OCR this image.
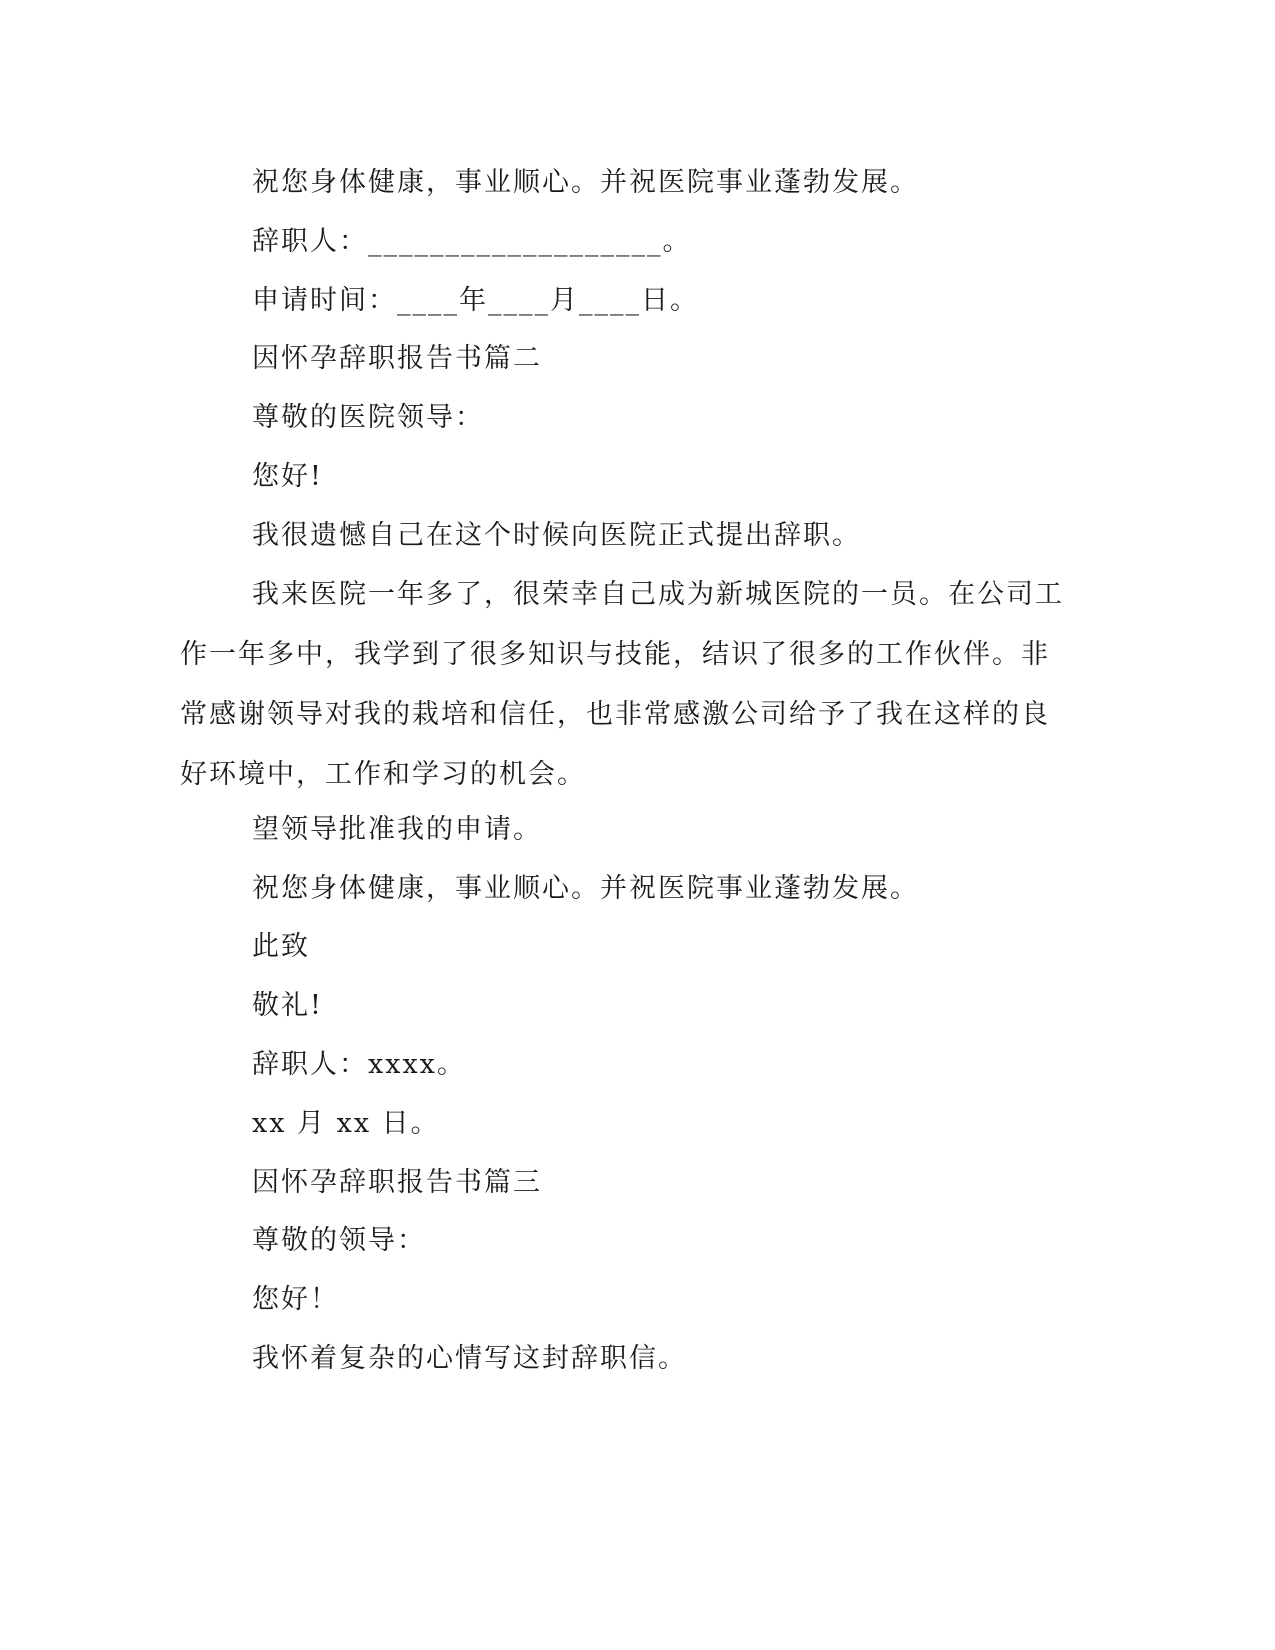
祝您身体健康，事业顺心。并祝医院事业蓬勃发展。
辞职人：___________________。
申请时间：____年____月____日。
因怀孕辞职报告书篇二
尊敬的医院领导：
您好!
我很遗憾自己在这个时候向医院正式提出辞职。
我来医院一年多了，很荣幸自己成为新城医院的一员。在公司工
作一年多中，我学到了很多知识与技能，结识了很多的工作伙伴。非
常感谢领导对我的栽培和信任，也非常感激公司给予了我在这样的良
好环境中，工作和学习的机会。
望领导批准我的申请。
祝您身体健康，事业顺心。并祝医院事业蓬勃发展。
此致
敬礼!
辞职人：xxxx。
xx 月 xx 日。
因怀孕辞职报告书篇三
尊敬的领导：
您好！
我怀着复杂的心情写这封辞职信。
